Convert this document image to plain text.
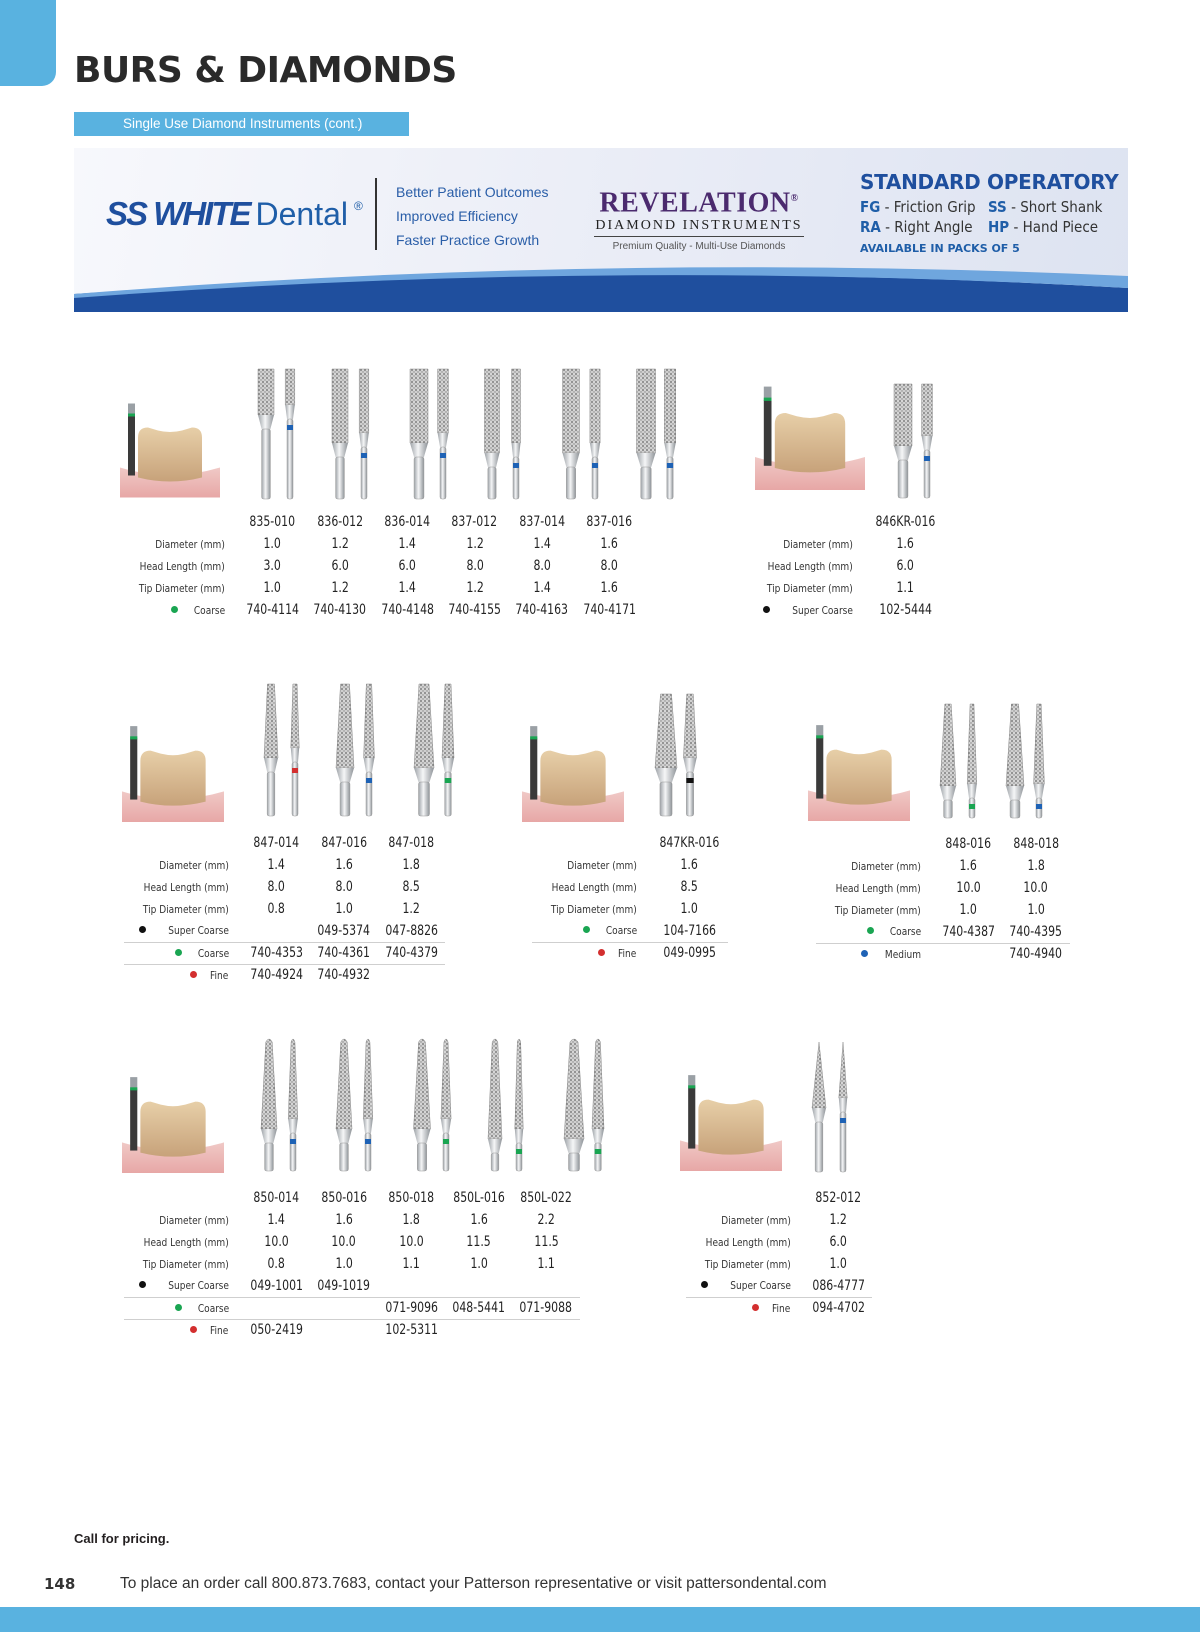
BURS & DIAMONDS
Single Use Diamond Instruments (cont.)
SS WHITE Dental ®
Better Patient Outcomes
Improved Efficiency
Faster Practice Growth
REVELATION®
DIAMOND INSTRUMENTS
Premium Quality - Multi-Use Diamonds
STANDARD OPERATORY
FG - Friction Grip SS - Short Shank
RA - Right Angle	HP - Hand Piece
AVAILABLE IN PACKS OF 5
	835-010	836-012	836-014	837-012	837-014	837-016
Diameter (mm)	1.0	1.2	1.4	1.2	1.4	1.6
Head Length (mm)	3.0	6.0	6.0	8.0	8.0	8.0
Tip Diameter (mm)	1.0	1.2	1.4	1.2	1.4	1.6
Coarse	740-4114	740-4130	740-4148	740-4155	740-4163	740-4171
	846KR-016
Diameter (mm)	1.6
Head Length (mm)	6.0
Tip Diameter (mm)	1.1
Super Coarse	102-5444
	847-014	847-016	847-018
Diameter (mm)	1.4	1.6	1.8
Head Length (mm)	8.0	8.0	8.5
Tip Diameter (mm)	0.8	1.0	1.2
Super Coarse		049-5374	047-8826
Coarse	740-4353	740-4361	740-4379
Fine	740-4924	740-4932	
	847KR-016
Diameter (mm)	1.6
Head Length (mm)	8.5
Tip Diameter (mm)	1.0
Coarse	104-7166
Fine	049-0995
	848-016	848-018
Diameter (mm)	1.6	1.8
Head Length (mm)	10.0	10.0
Tip Diameter (mm)	1.0	1.0
Coarse	740-4387	740-4395
Medium		740-4940
	850-014	850-016	850-018	850L-016	850L-022
Diameter (mm)	1.4	1.6	1.8	1.6	2.2
Head Length (mm)	10.0	10.0	10.0	11.5	11.5
Tip Diameter (mm)	0.8	1.0	1.1	1.0	1.1
Super Coarse	049-1001	049-1019			
Coarse			071-9096	048-5441	071-9088
Fine	050-2419		102-5311		
	852-012
Diameter (mm)	1.2
Head Length (mm)	6.0
Tip Diameter (mm)	1.0
Super Coarse	086-4777
Fine	094-4702
Call for pricing.
148	To place an order call 800.873.7683, contact your Patterson representative or visit pattersondental.com
